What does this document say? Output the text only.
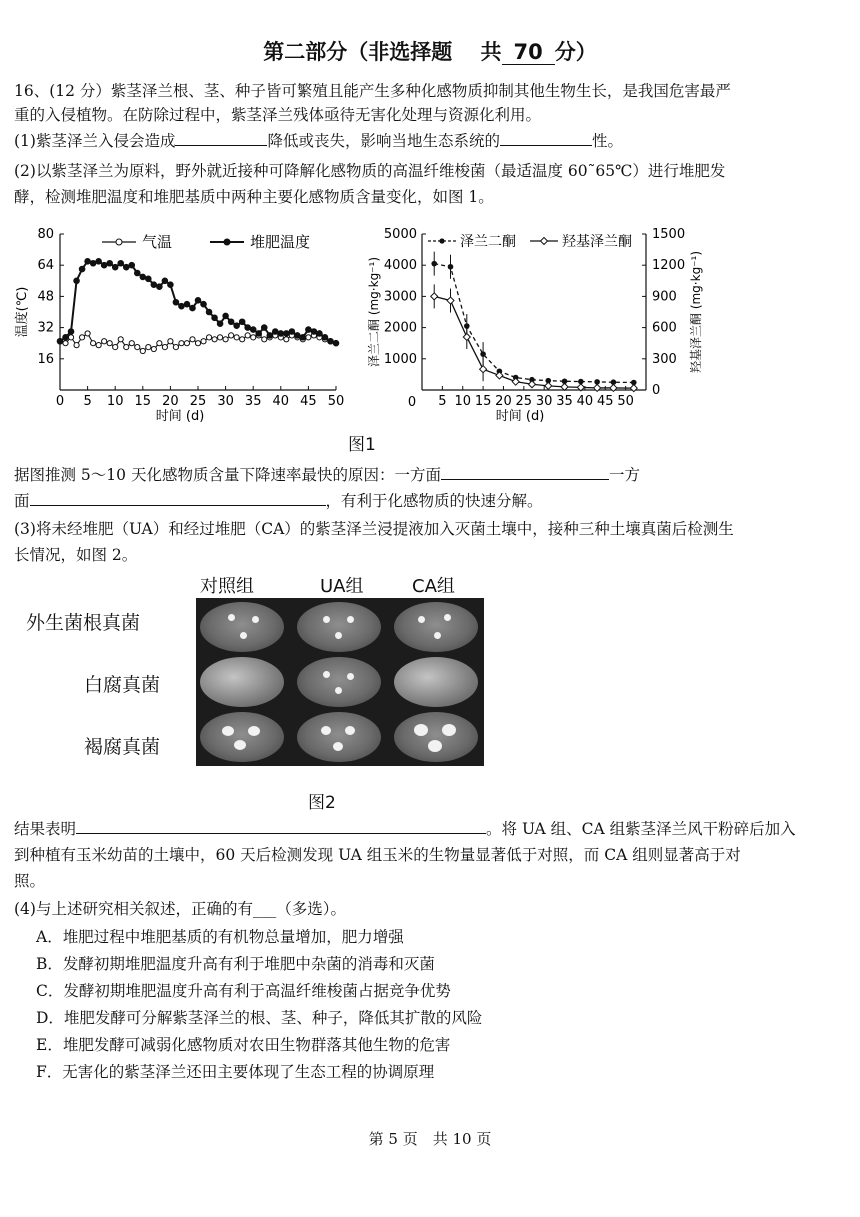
第二部分（非选择题　 共 70 分）
16、(12 分）紫茎泽兰根、茎、种子皆可繁殖且能产生多种化感物质抑制其他生物生长，是我国危害最严
重的入侵植物。在防除过程中，紫茎泽兰残体亟待无害化处理与资源化利用。
(1)紫茎泽兰入侵会造成	降低或丧失，影响当地生态系统的	性。
(2)以紫茎泽兰为原料，野外就近接种可降解化感物质的高温纤维梭菌（最适温度 60˜65℃）进行堆肥发
酵，检测堆肥温度和堆肥基质中两种主要化感物质含量变化，如图 1。
16
32
48
64
80
0 5 10 15 20 25 30 35 40 45 50
时间 (d)
温度(℃)
气温	堆肥温度
1000
2000
3000
4000
5000
0
300
600
900
1200
1500
0 5 10 15 20 25 30 35 40 45 50
时间 (d)
泽兰二酮 (mg·kg⁻¹)	羟基泽兰酮 (mg·kg⁻¹)
泽兰二酮	羟基泽兰酮
图1
据图推测 5～10 天化感物质含量下降速率最快的原因：一方面	一方
面	，有利于化感物质的快速分解。
(3)将未经堆肥（UA）和经过堆肥（CA）的紫茎泽兰浸提液加入灭菌土壤中，接种三种土壤真菌后检测生
长情况，如图 2。
对照组	UA组	CA组
外生菌根真菌
白腐真菌
褐腐真菌
图2
结果表明	。将 UA 组、CA 组紫茎泽兰风干粉碎后加入
到种植有玉米幼苗的土壤中，60 天后检测发现 UA 组玉米的生物量显著低于对照，而 CA 组则显著高于对
照。
(4)与上述研究相关叙述，正确的有___（多选）。
A．堆肥过程中堆肥基质的有机物总量增加，肥力增强
B．发酵初期堆肥温度升高有利于堆肥中杂菌的消毒和灭菌
C．发酵初期堆肥温度升高有利于高温纤维梭菌占据竞争优势
D．堆肥发酵可分解紫茎泽兰的根、茎、种子，降低其扩散的风险
E．堆肥发酵可减弱化感物质对农田生物群落其他生物的危害
F．无害化的紫茎泽兰还田主要体现了生态工程的协调原理
第 5 页　共 10 页
